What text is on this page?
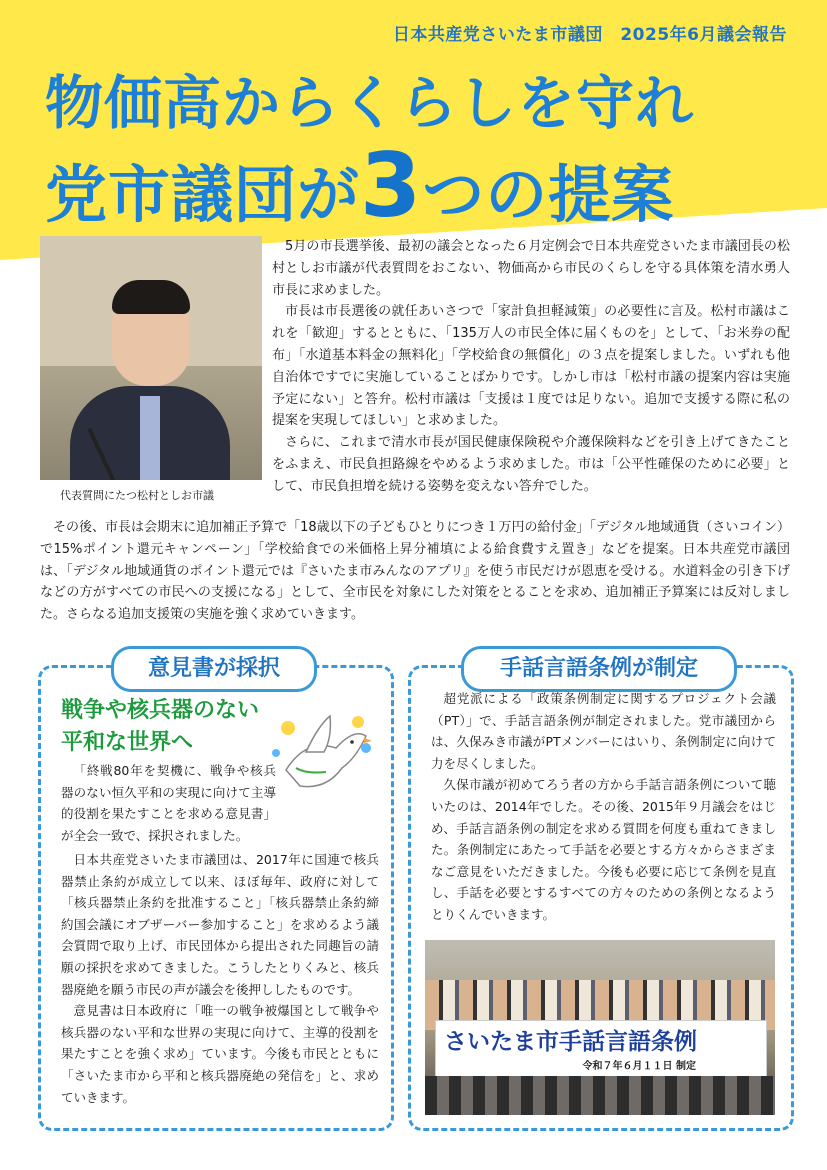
日本共産党さいたま市議団　2025年6月議会報告
物価高からくらしを守れ
党市議団が3つの提案
代表質問にたつ松村としお市議

5月の市長選挙後、最初の議会となった６月定例会で日本共産党さいたま市議団長の松村としお市議が代表質問をおこない、物価高から市民のくらしを守る具体策を清水勇人市長に求めました。

市長は市長選後の就任あいさつで「家計負担軽減策」の必要性に言及。松村市議はこれを「歓迎」するとともに、「135万人の市民全体に届くものを」として、「お米券の配布」「水道基本料金の無料化」「学校給食の無償化」の３点を提案しました。いずれも他自治体ですでに実施していることばかりです。しかし市は「松村市議の提案内容は実施予定にない」と答弁。松村市議は「支援は１度では足りない。追加で支援する際に私の提案を実現してほしい」と求めました。

さらに、これまで清水市長が国民健康保険税や介護保険料などを引き上げてきたことをふまえ、市民負担路線をやめるよう求めました。市は「公平性確保のために必要」として、市民負担増を続ける姿勢を変えない答弁でした。

その後、市長は会期末に追加補正予算で「18歳以下の子どもひとりにつき１万円の給付金」「デジタル地域通貨（さいコイン）で15%ポイント還元キャンペーン」「学校給食での米価格上昇分補填による給食費すえ置き」などを提案。日本共産党市議団は、「デジタル地域通貨のポイント還元では『さいたま市みんなのアプリ』を使う市民だけが恩恵を受ける。水道料金の引き下げなどの方がすべての市民への支援になる」として、全市民を対象にした対策をとることを求め、追加補正予算案には反対しました。さらなる追加支援策の実施を強く求めていきます。

意見書が採択
戦争や核兵器のない
平和な世界へ

「終戦80年を契機に、戦争や核兵器のない恒久平和の実現に向けて主導的役割を果たすことを求める意見書」が全会一致で、採択されました。

日本共産党さいたま市議団は、2017年に国連で核兵器禁止条約が成立して以来、ほぼ毎年、政府に対して「核兵器禁止条約を批准すること」「核兵器禁止条約締約国会議にオブザーバー参加すること」を求めるよう議会質問で取り上げ、市民団体から提出された同趣旨の請願の採択を求めてきました。こうしたとりくみと、核兵器廃絶を願う市民の声が議会を後押ししたものです。

意見書は日本政府に「唯一の戦争被爆国として戦争や核兵器のない平和な世界の実現に向けて、主導的役割を果たすことを強く求め」ています。今後も市民とともに「さいたま市から平和と核兵器廃絶の発信を」と、求めていきます。

手話言語条例が制定

超党派による「政策条例制定に関するプロジェクト会議（PT）」で、手話言語条例が制定されました。党市議団からは、久保みき市議がPTメンバーにはいり、条例制定に向けて力を尽くしました。

久保市議が初めてろう者の方から手話言語条例について聴いたのは、2014年でした。その後、2015年９月議会をはじめ、手話言語条例の制定を求める質問を何度も重ねてきました。条例制定にあたって手話を必要とする方々からさまざまなご意見をいただきました。今後も必要に応じて条例を見直し、手話を必要とするすべての方々のための条例となるようとりくんでいきます。

さいたま市手話言語条例
令和７年６月１１日 制定
